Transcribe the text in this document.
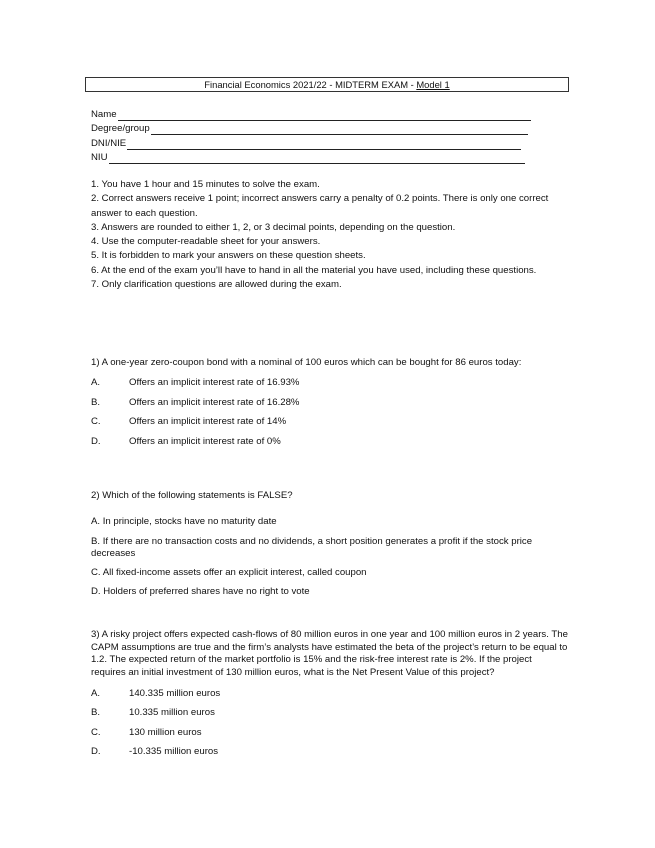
Financial Economics 2021/22 - MIDTERM EXAM - Model 1
Name
Degree/group
DNI/NIE
NIU

1. You have 1 hour and 15 minutes to solve the exam.

2. Correct answers receive 1 point; incorrect answers carry a penalty of 0.2 points. There is only one correct answer to each question.

3. Answers are rounded to either 1, 2, or 3 decimal points, depending on the question.

4. Use the computer-readable sheet for your answers.

5. It is forbidden to mark your answers on these question sheets.

6. At the end of the exam you’ll have to hand in all the material you have used, including these questions.

7. Only clarification questions are allowed during the exam.

1) A one-year zero-coupon bond with a nominal of 100 euros which can be bought for 86 euros today:

A.	Offers an implicit interest rate of 16.93%
B.	Offers an implicit interest rate of 16.28%
C.	Offers an implicit interest rate of 14%
D.	Offers an implicit interest rate of 0%

2) Which of the following statements is FALSE?

A. In principle, stocks have no maturity date

B. If there are no transaction costs and no dividends, a short position generates a profit if the stock price decreases

C. All fixed-income assets offer an explicit interest, called coupon

D. Holders of preferred shares have no right to vote

3) A risky project offers expected cash-flows of 80 million euros in one year and 100 million euros in 2 years. The CAPM assumptions are true and the firm’s analysts have estimated the beta of the project’s return to be equal to 1.2. The expected return of the market portfolio is 15% and the risk-free interest rate is 2%. If the project requires an initial investment of 130 million euros, what is the Net Present Value of this project?

A.	140.335 million euros
B.	10.335 million euros
C.	130 million euros
D.	-10.335 million euros
